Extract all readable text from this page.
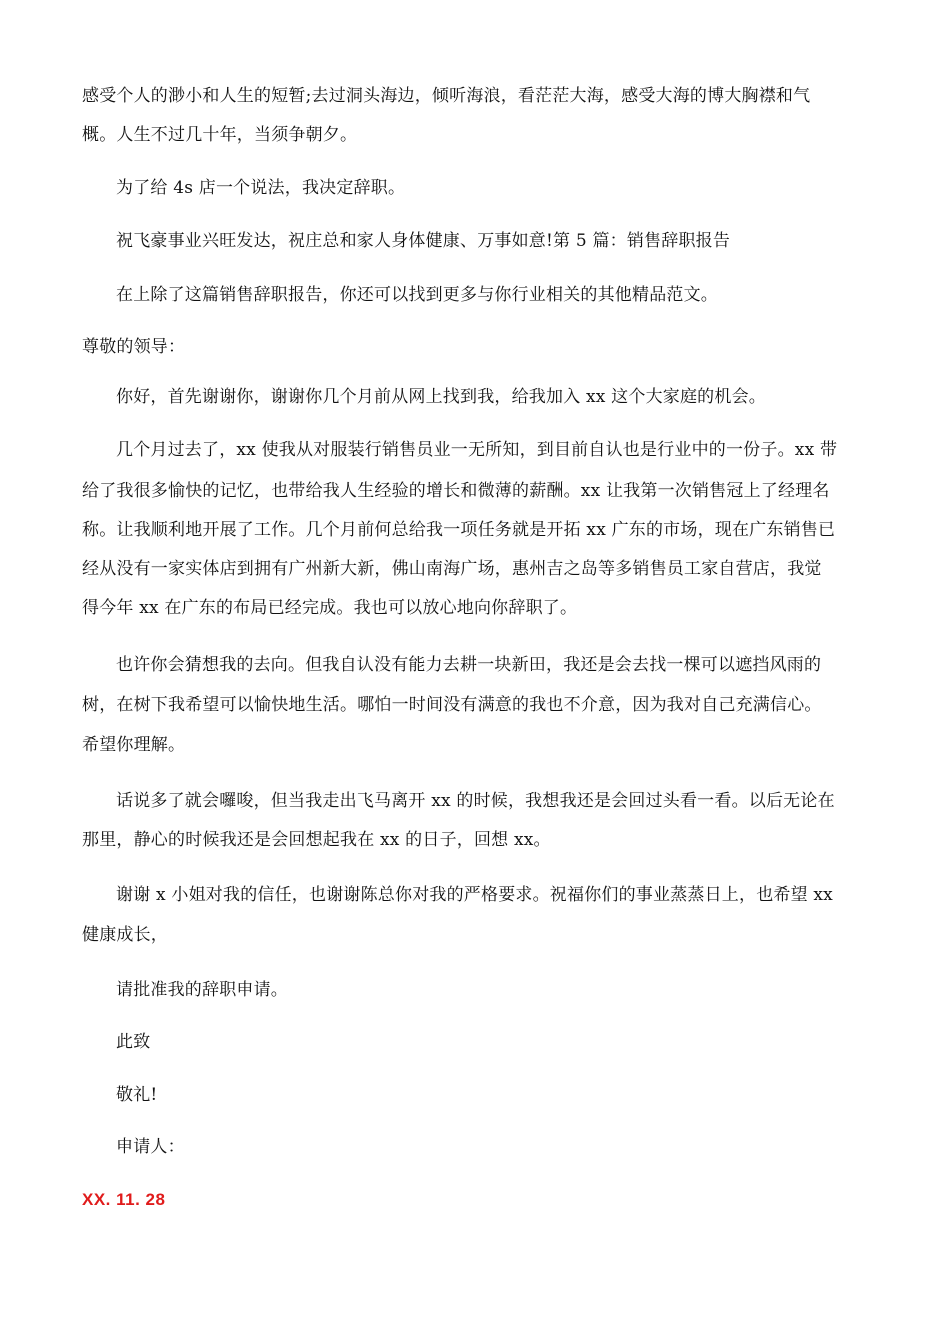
感受个人的渺小和人生的短暂;去过洞头海边，倾听海浪，看茫茫大海，感受大海的博大胸襟和气
概。人生不过几十年，当须争朝夕。
为了给 4s 店一个说法，我决定辞职。
祝飞豪事业兴旺发达，祝庄总和家人身体健康、万事如意!第 5 篇：销售辞职报告
在上除了这篇销售辞职报告，你还可以找到更多与你行业相关的其他精品范文。
尊敬的领导：
你好，首先谢谢你，谢谢你几个月前从网上找到我，给我加入 xx 这个大家庭的机会。
几个月过去了，xx 使我从对服装行销售员业一无所知，到目前自认也是行业中的一份子。xx 带
给了我很多愉快的记忆，也带给我人生经验的增长和微薄的薪酬。xx 让我第一次销售冠上了经理名
称。让我顺利地开展了工作。几个月前何总给我一项任务就是开拓 xx 广东的市场，现在广东销售已
经从没有一家实体店到拥有广州新大新，佛山南海广场，惠州吉之岛等多销售员工家自营店，我觉
得今年 xx 在广东的布局已经完成。我也可以放心地向你辞职了。
也许你会猜想我的去向。但我自认没有能力去耕一块新田，我还是会去找一棵可以遮挡风雨的
树，在树下我希望可以愉快地生活。哪怕一时间没有满意的我也不介意，因为我对自己充满信心。
希望你理解。
话说多了就会囉唆，但当我走出飞马离开 xx 的时候，我想我还是会回过头看一看。以后无论在
那里，静心的时候我还是会回想起我在 xx 的日子，回想 xx。
谢谢 x 小姐对我的信任，也谢谢陈总你对我的严格要求。祝福你们的事业蒸蒸日上，也希望 xx
健康成长，
请批准我的辞职申请。
此致
敬礼!
申请人：
XX. 11. 28
